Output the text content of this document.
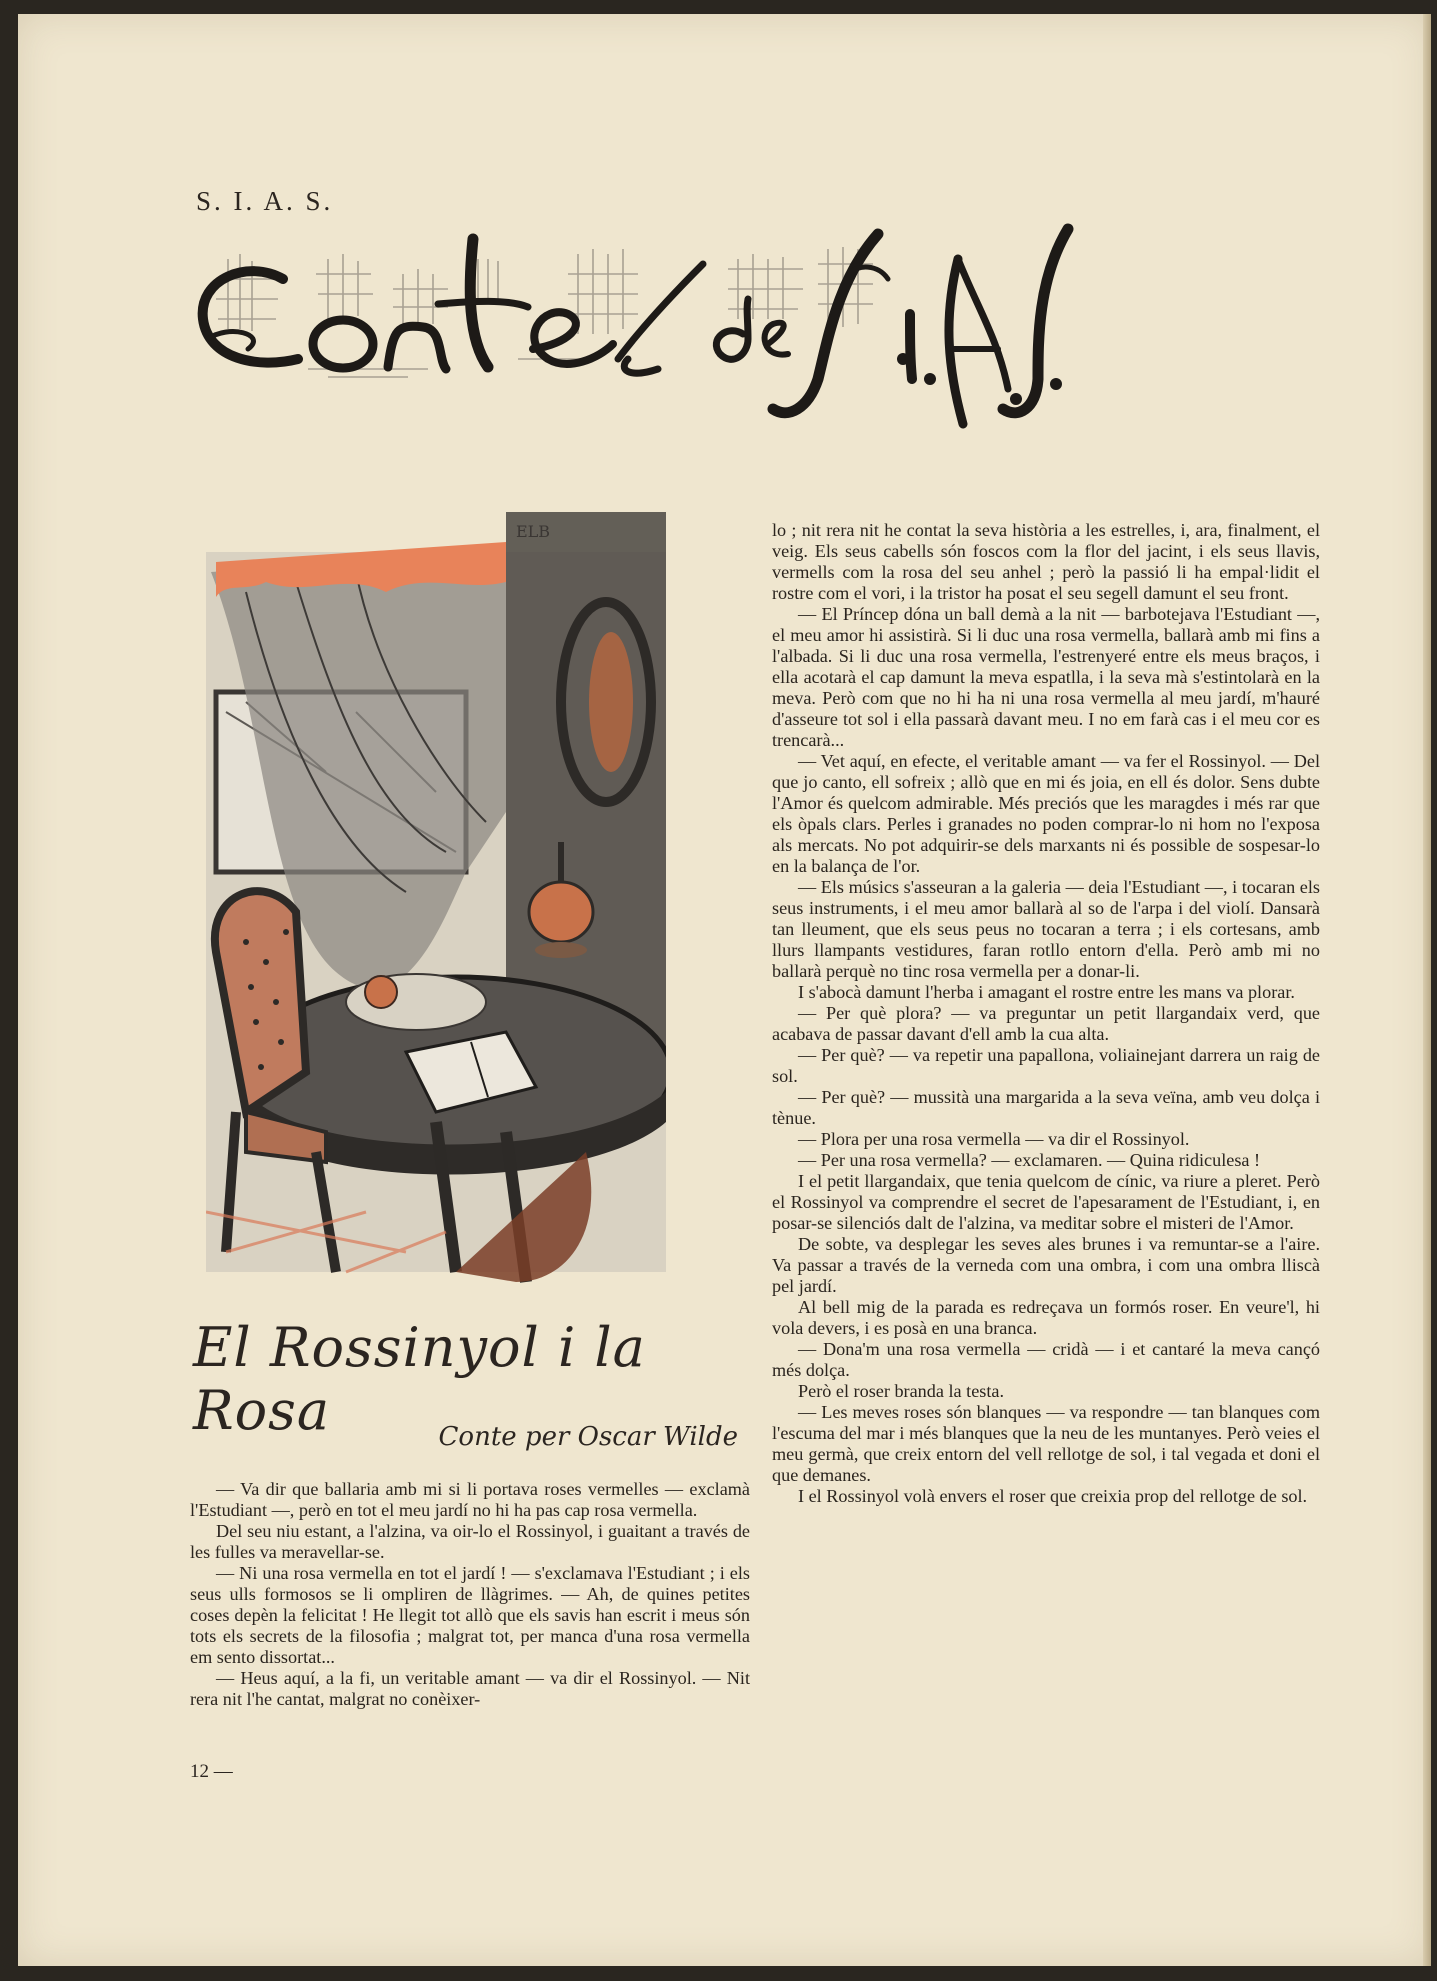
S. I. A. S.
ELB
El Rossinyol i la Rosa	Conte per Oscar Wilde

— Va dir que ballaria amb mi si li portava roses vermelles — exclamà l'Estudiant —, però en tot el meu jardí no hi ha pas cap rosa vermella.

Del seu niu estant, a l'alzina, va oir-lo el Rossinyol, i guaitant a través de les fulles va meravellar-se.

— Ni una rosa vermella en tot el jardí ! — s'exclamava l'Estudiant ; i els seus ulls formosos se li ompliren de llàgrimes. — Ah, de quines petites coses depèn la felicitat ! He llegit tot allò que els savis han escrit i meus són tots els secrets de la filosofia ; malgrat tot, per manca d'una rosa vermella em sento dissortat...

— Heus aquí, a la fi, un veritable amant — va dir el Rossinyol. — Nit rera nit l'he cantat, malgrat no conèixer-

lo ; nit rera nit he contat la seva història a les estrelles, i, ara, finalment, el veig. Els seus cabells són foscos com la flor del jacint, i els seus llavis, vermells com la rosa del seu anhel ; però la passió li ha empal·lidit el rostre com el vori, i la tristor ha posat el seu segell damunt el seu front.

— El Príncep dóna un ball demà a la nit — barbotejava l'Estudiant —, el meu amor hi assistirà. Si li duc una rosa vermella, ballarà amb mi fins a l'albada. Si li duc una rosa vermella, l'estrenyeré entre els meus braços, i ella acotarà el cap damunt la meva espatlla, i la seva mà s'estintolarà en la meva. Però com que no hi ha ni una rosa vermella al meu jardí, m'hauré d'asseure tot sol i ella passarà davant meu. I no em farà cas i el meu cor es trencarà...

— Vet aquí, en efecte, el veritable amant — va fer el Rossinyol. — Del que jo canto, ell sofreix ; allò que en mi és joia, en ell és dolor. Sens dubte l'Amor és quelcom admirable. Més preciós que les maragdes i més rar que els òpals clars. Perles i granades no poden comprar-lo ni hom no l'exposa als mercats. No pot adquirir-se dels marxants ni és possible de sospesar-lo en la balança de l'or.

— Els músics s'asseuran a la galeria — deia l'Estudiant —, i tocaran els seus instruments, i el meu amor ballarà al so de l'arpa i del violí. Dansarà tan lleument, que els seus peus no tocaran a terra ; i els cortesans, amb llurs llampants vestidures, faran rotllo entorn d'ella. Però amb mi no ballarà perquè no tinc rosa vermella per a donar-li.

I s'abocà damunt l'herba i amagant el rostre entre les mans va plorar.

— Per què plora? — va preguntar un petit llargandaix verd, que acabava de passar davant d'ell amb la cua alta.

— Per què? — va repetir una papallona, voliainejant darrera un raig de sol.

— Per què? — mussità una margarida a la seva veïna, amb veu dolça i tènue.

— Plora per una rosa vermella — va dir el Rossinyol.

— Per una rosa vermella? — exclamaren. — Quina ridiculesa !

I el petit llargandaix, que tenia quelcom de cínic, va riure a pleret. Però el Rossinyol va comprendre el secret de l'apesarament de l'Estudiant, i, en posar-se silenciós dalt de l'alzina, va meditar sobre el misteri de l'Amor.

De sobte, va desplegar les seves ales brunes i va remuntar-se a l'aire. Va passar a través de la verneda com una ombra, i com una ombra lliscà pel jardí.

Al bell mig de la parada es redreçava un formós roser. En veure'l, hi vola devers, i es posà en una branca.

— Dona'm una rosa vermella — cridà — i et cantaré la meva cançó més dolça.

Però el roser branda la testa.

— Les meves roses són blanques — va respondre — tan blanques com l'escuma del mar i més blanques que la neu de les muntanyes. Però veies el meu germà, que creix entorn del vell rellotge de sol, i tal vegada et doni el que demanes.

I el Rossinyol volà envers el roser que creixia prop del rellotge de sol.

12 —
